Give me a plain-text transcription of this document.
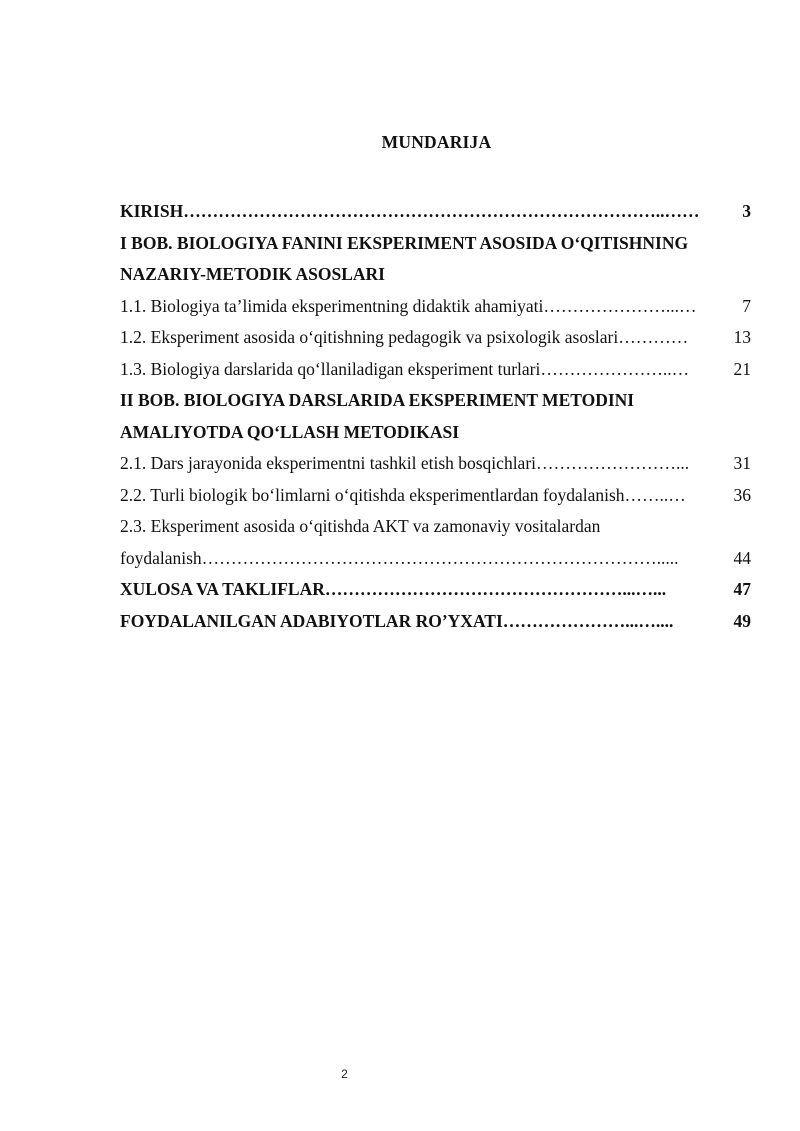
MUNDARIJA
KIRISH ………………………………………………………………………..……	3
I BOB. BIOLOGIYA FANINI EKSPERIMENT ASOSIDA O‘QITISHNING
NAZARIY-METODIK ASOSLARI
1.1. Biologiya ta’limida eksperimentning didaktik ahamiyati …………………...…	7
1.2. Eksperiment asosida o‘qitishning pedagogik va psixologik asoslari …………	13
1.3. Biologiya darslarida qo‘llaniladigan eksperiment turlari …………………..…	21
II BOB. BIOLOGIYA DARSLARIDA EKSPERIMENT METODINI
AMALIYOTDA QO‘LLASH METODIKASI
2.1. Dars jarayonida eksperimentni tashkil etish bosqichlari ……………………...	31
2.2. Turli biologik bo‘limlarni o‘qitishda eksperimentlardan foydalanish ……..…	36
2.3. Eksperiment asosida o‘qitishda AKT va zamonaviy vositalardan
foydalanish …………………………………………………………………….....	44
XULOSA VA TAKLIFLAR ……………………………………………...…...	47
FOYDALANILGAN ADABIYOTLAR RO’YXATI …………………...…....	49
2
